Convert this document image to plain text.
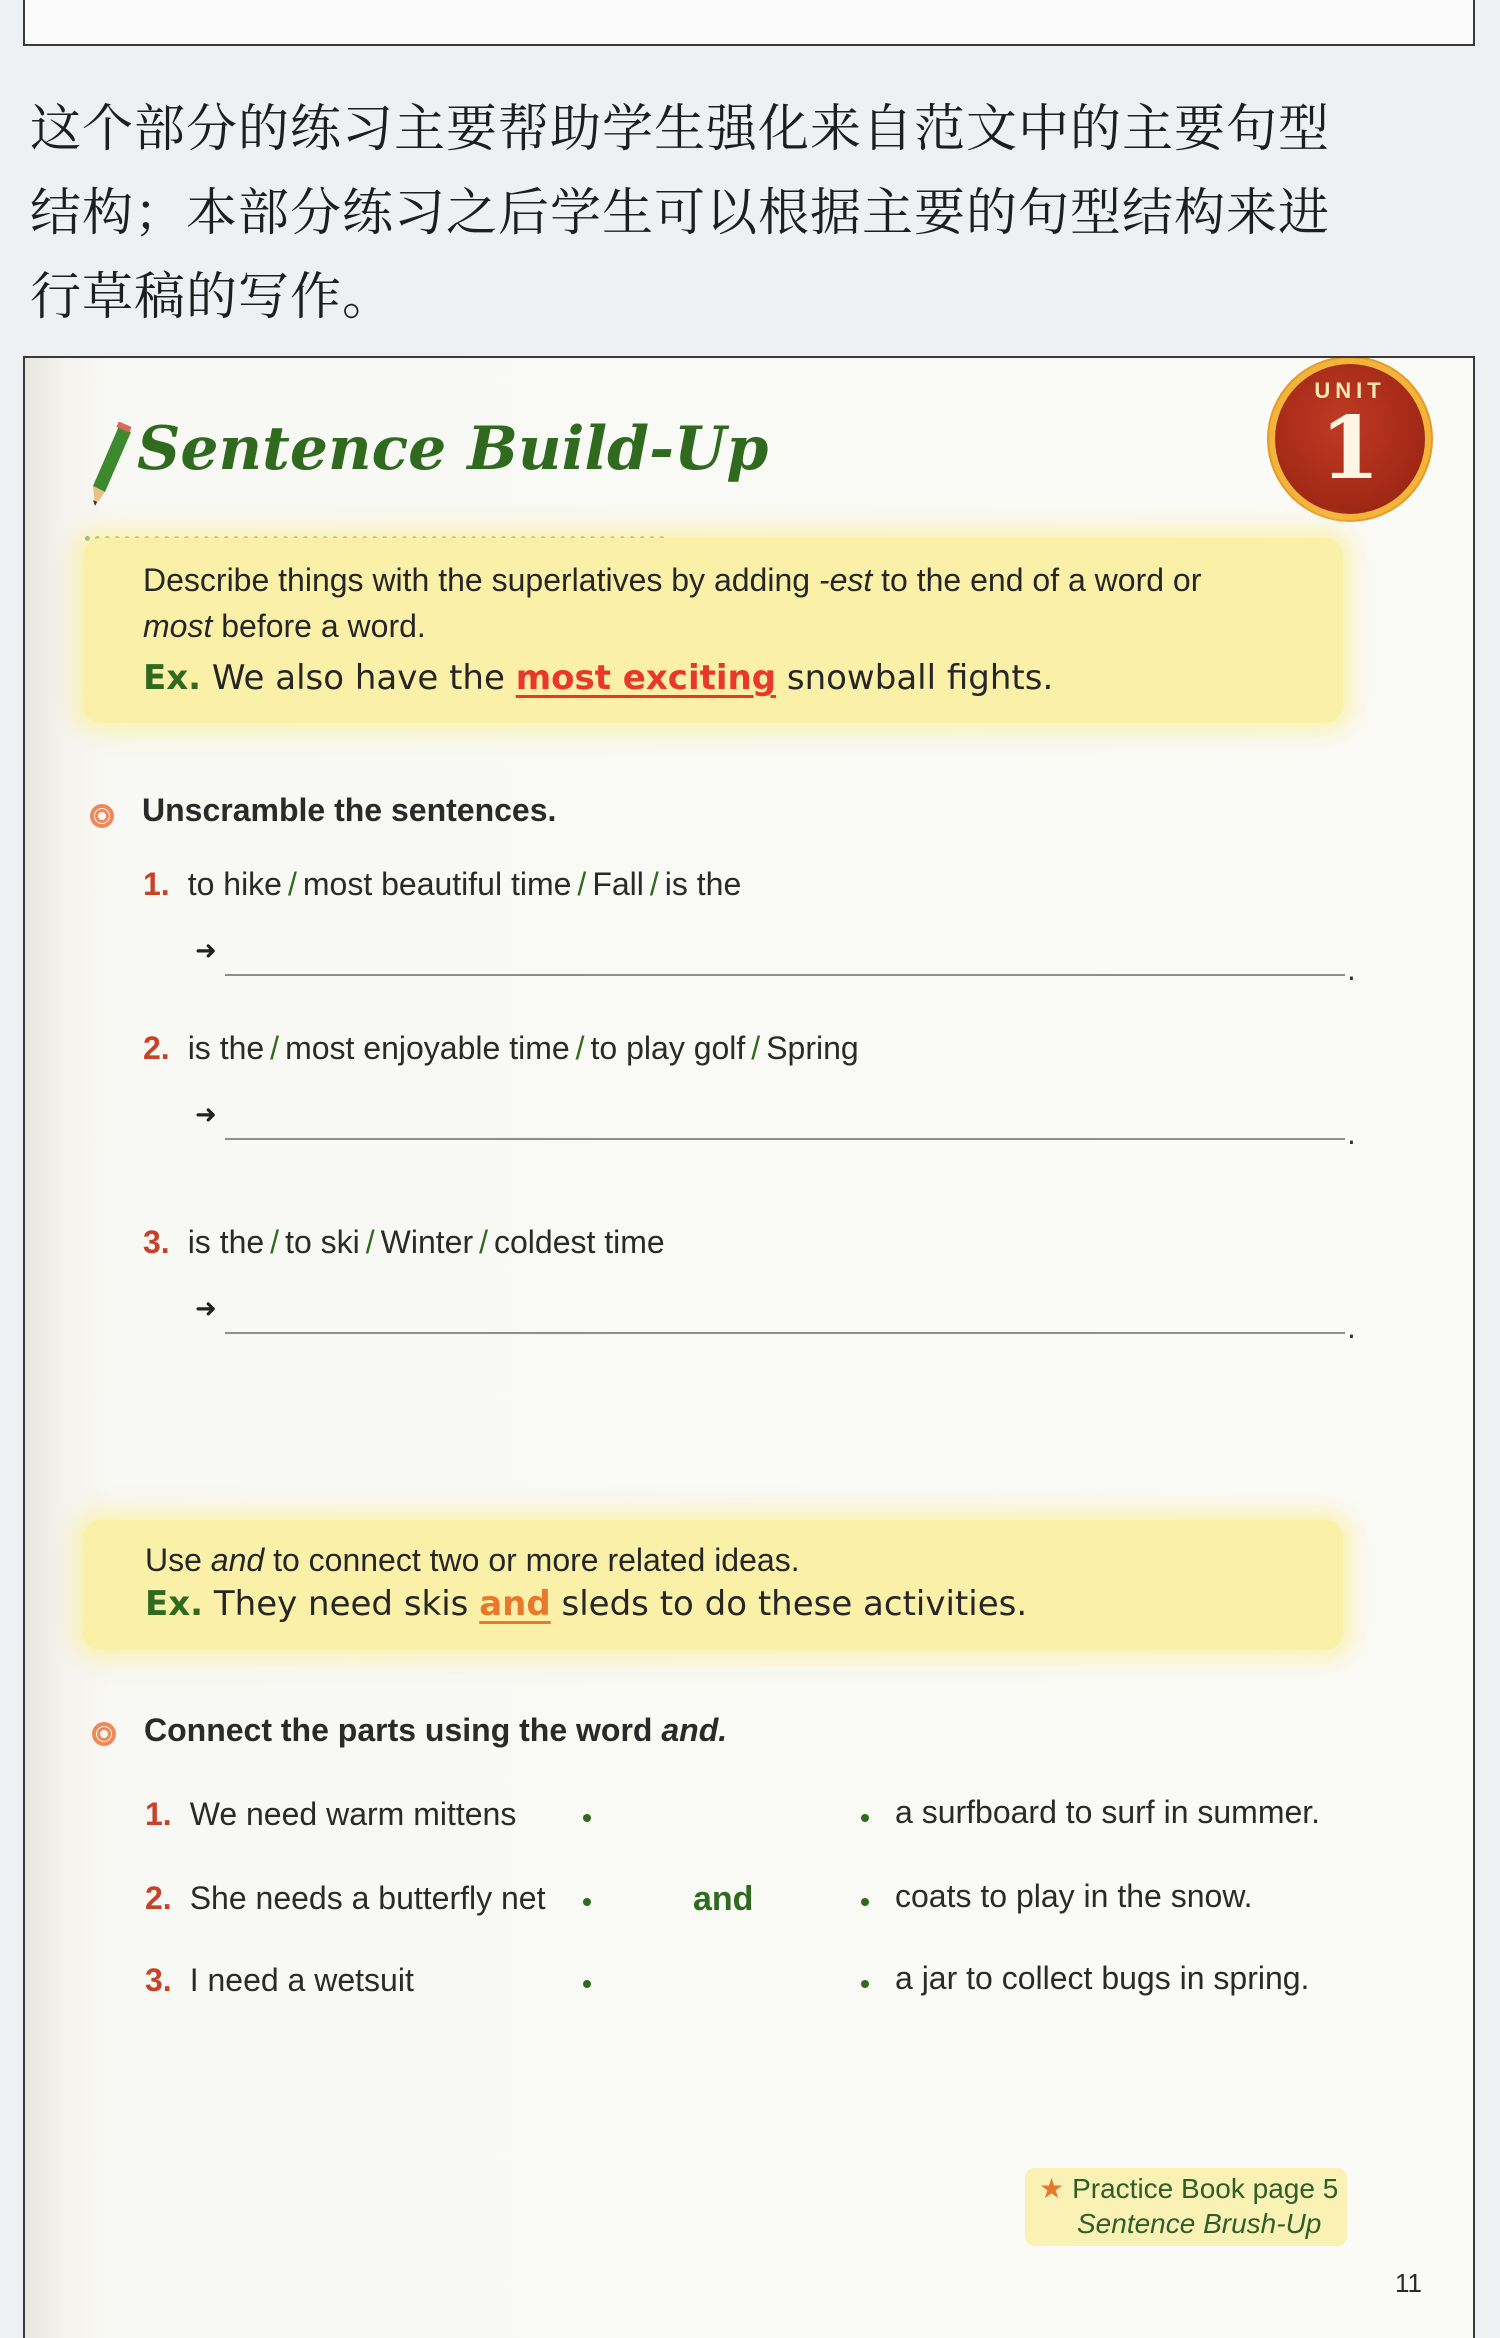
这个部分的练习主要帮助学生强化来自范文中的主要句型
结构；本部分练习之后学生可以根据主要的句型结构来进
行草稿的写作。
Sentence Build-Up
UNIT
1
Describe things with the superlatives by adding -est to the end of a word or
most before a word.
Ex. We also have the most exciting snowball fights.
Unscramble the sentences.
1. to hike / most beautiful time / Fall / is the
➜
.
2. is the / most enjoyable time / to play golf / Spring
➜
.
3. is the / to ski / Winter / coldest time
➜
.
Use and to connect two or more related ideas.
Ex. They need skis and sleds to do these activities.
Connect the parts using the word and.
1. We need warm mittens
2. She needs a butterfly net
3. I need a wetsuit
and
a surfboard to surf in summer.
coats to play in the snow.
a jar to collect bugs in spring.
★ Practice Book page 5
Sentence Brush-Up
11
